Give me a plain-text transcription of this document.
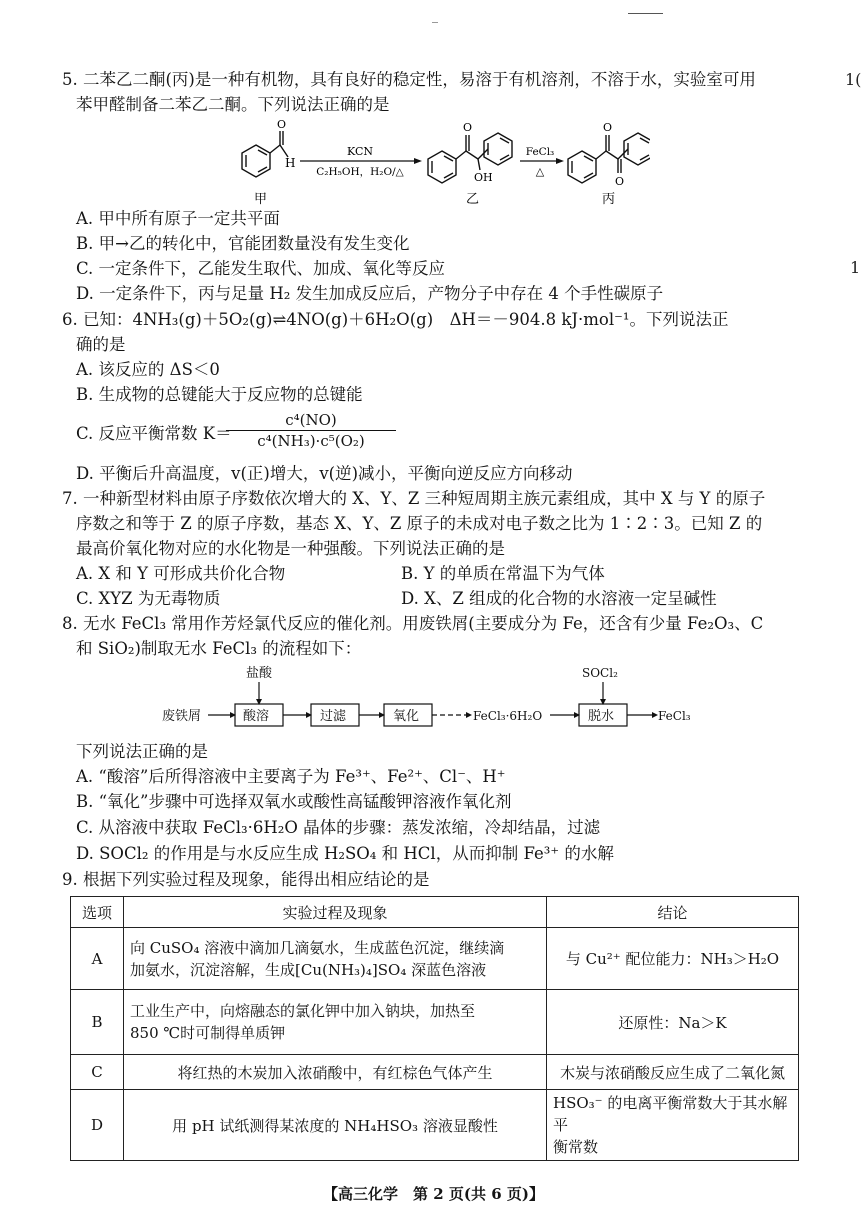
1(
1
5. 二苯乙二酮(丙)是一种有机物，具有良好的稳定性，易溶于有机溶剂，不溶于水，实验室可用
苯甲醛制备二苯乙二酮。下列说法正确的是
O
H
甲
KCN
C₂H₅OH，H₂O/△
O
OH
乙
FeCl₃
△
O
O
丙
A. 甲中所有原子一定共平面
B. 甲→乙的转化中，官能团数量没有发生变化
C. 一定条件下，乙能发生取代、加成、氧化等反应
D. 一定条件下，丙与足量 H₂ 发生加成反应后，产物分子中存在 4 个手性碳原子
6. 已知：4NH₃(g)＋5O₂(g)⇌4NO(g)＋6H₂O(g)　ΔH＝－904.8 kJ·mol⁻¹。下列说法正
确的是
A. 该反应的 ΔS＜0
B. 生成物的总键能大于反应物的总键能
C. 反应平衡常数 K＝
c⁴(NO)
c⁴(NH₃)·c⁵(O₂)
D. 平衡后升高温度，v(正)增大，v(逆)减小，平衡向逆反应方向移动
7. 一种新型材料由原子序数依次增大的 X、Y、Z 三种短周期主族元素组成，其中 X 与 Y 的原子
序数之和等于 Z 的原子序数，基态 X、Y、Z 原子的未成对电子数之比为 1∶2∶3。已知 Z 的
最高价氧化物对应的水化物是一种强酸。下列说法正确的是
A. X 和 Y 可形成共价化合物	B. Y 的单质在常温下为气体
C. XYZ 为无毒物质	D. X、Z 组成的化合物的水溶液一定呈碱性
8. 无水 FeCl₃ 常用作芳烃氯代反应的催化剂。用废铁屑(主要成分为 Fe，还含有少量 Fe₂O₃、C
和 SiO₂)制取无水 FeCl₃ 的流程如下：
废铁屑
盐酸
酸溶	过滤	氧化	FeCl₃·6H₂O
SOCl₂
脱水	FeCl₃
下列说法正确的是
A. “酸溶”后所得溶液中主要离子为 Fe³⁺、Fe²⁺、Cl⁻、H⁺
B. “氧化”步骤中可选择双氧水或酸性高锰酸钾溶液作氧化剂
C. 从溶液中获取 FeCl₃·6H₂O 晶体的步骤：蒸发浓缩，冷却结晶，过滤
D. SOCl₂ 的作用是与水反应生成 H₂SO₄ 和 HCl，从而抑制 Fe³⁺ 的水解
9. 根据下列实验过程及现象，能得出相应结论的是
选项	实验过程及现象	结论
A	向 CuSO₄ 溶液中滴加几滴氨水，生成蓝色沉淀，继续滴
加氨水，沉淀溶解，生成[Cu(NH₃)₄]SO₄ 深蓝色溶液	与 Cu²⁺ 配位能力：NH₃＞H₂O

B	工业生产中，向熔融态的氯化钾中加入钠块，加热至
850 ℃时可制得单质钾	还原性：Na＞K

C	将红热的木炭加入浓硝酸中，有红棕色气体产生	木炭与浓硝酸反应生成了二氧化氮
D	用 pH 试纸测得某浓度的 NH₄HSO₃ 溶液显酸性	HSO₃⁻ 的电离平衡常数大于其水解平
衡常数
【高三化学　第 2 页(共 6 页)】
